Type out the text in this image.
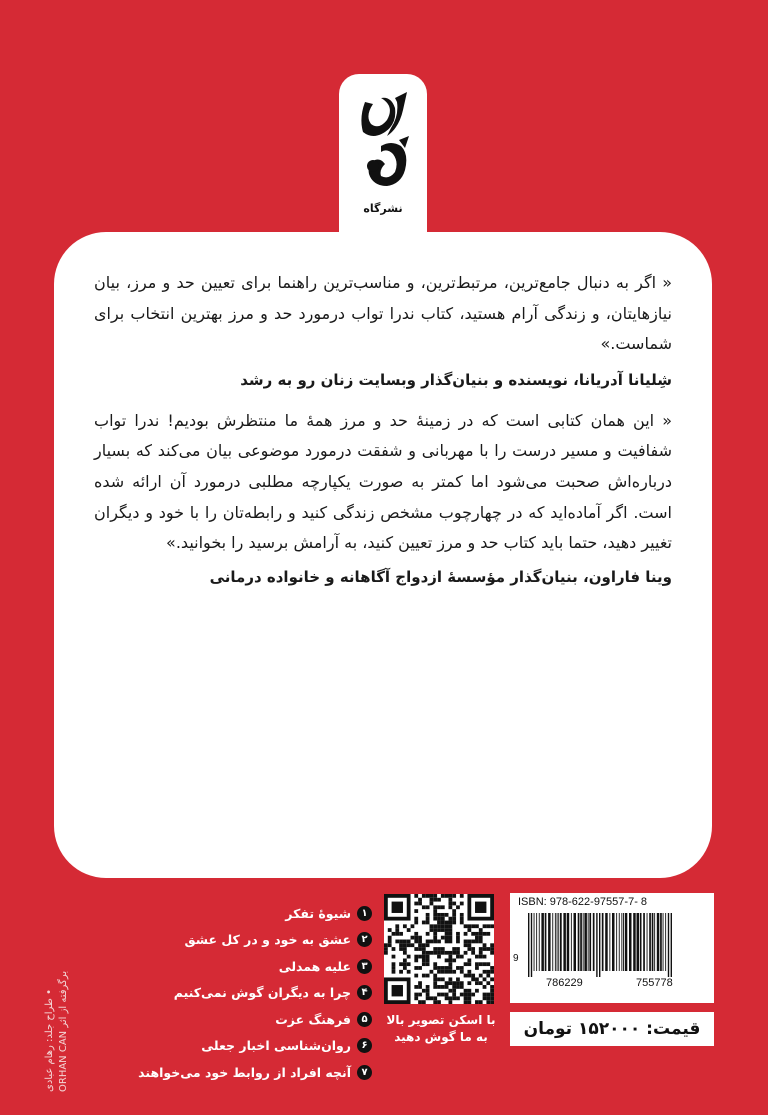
نشرگاه

« اگر به دنبال جامع‌ترین، مرتبط‌ترین، و مناسب‌ترین راهنما برای تعیین حد و مرز، بیان نیازهایتان، و زندگی آرام هستید، کتاب ندرا تواب درمورد حد و مرز بهترین انتخاب برای شماست.»

شِلیانا آدریانا، نویسنده و بنیان‌گذار وبسایت زنان رو به رشد

« این همان کتابی است که در زمینهٔ حد و مرز همهٔ ما منتظرش بودیم! ندرا تواب شفافیت و مسیر درست را با مهربانی و شفقت درمورد موضوعی بیان می‌کند که بسیار درباره‌اش صحبت می‌شود اما کمتر به صورت یکپارچه مطلبی درمورد آن ارائه شده است. اگر آماده‌اید که در چهارچوب مشخص زندگی کنید و رابطه‌تان را با خود و دیگران تغییر دهید، حتما باید کتاب حد و مرز تعیین کنید، به آرامش برسید را بخوانید.»

وینا فاراون، بنیان‌گذار مؤسسهٔ ازدواج آگاهانه و خانواده درمانی
• طراح جلد: رهام عبادی برگرفته از اثر ORHAN CAN
۱
شیوهٔ تفکر
۲
عشق به خود و در کل عشق
۳
علیه همدلی
۴
چرا به دیگران گوش نمی‌کنیم
۵
فرهنگ عزت
۶
روان‌شناسی اخبار جعلی
۷
آنچه افراد از روابط خود می‌خواهند
با اسکن تصویر بالا
به ما گوش دهید
ISBN: 978-622-97557-7- 8
9
786229	755778
قیمت: ۱۵۲۰۰۰ تومان
